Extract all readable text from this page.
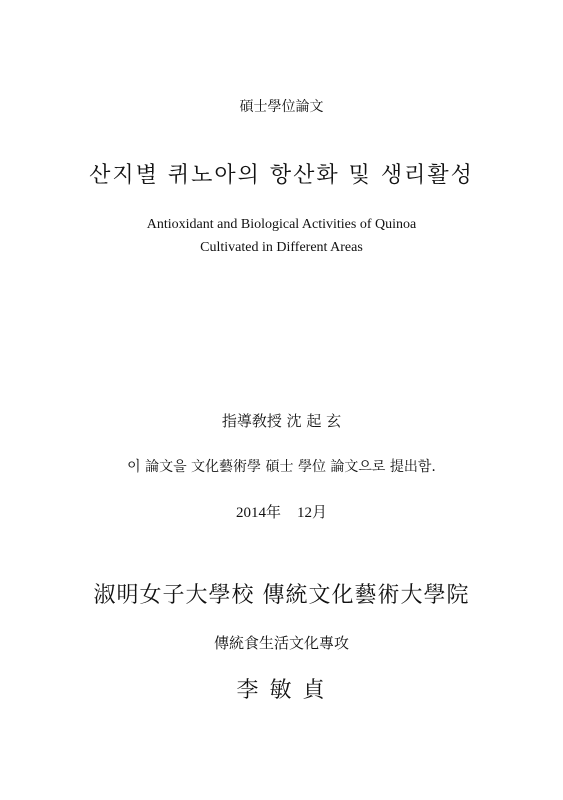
碩士學位論文
산지별 퀴노아의 항산화 및 생리활성
Antioxidant and Biological Activities of Quinoa
Cultivated in Different Areas
指導敎授 沈 起 玄
이 論文을 文化藝術學 碩士 學位 論文으로 提出함.
2014年 12月
淑明女子大學校 傳統文化藝術大學院
傳統食生活文化專攻
李 敏 貞
